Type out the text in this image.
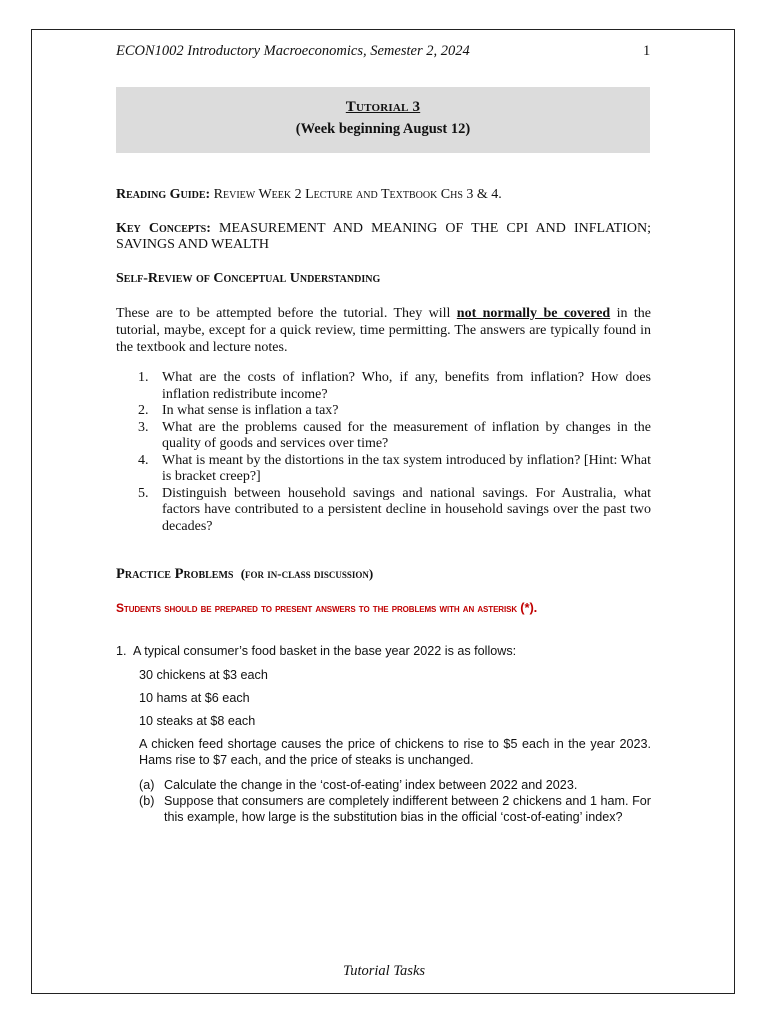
ECON1002 Introductory Macroeconomics, Semester 2, 2024	1
Tutorial 3
(Week beginning August 12)
Reading Guide: Review Week 2 Lecture and Textbook Chs 3 & 4.
Key Concepts: MEASUREMENT AND MEANING OF THE CPI AND INFLATION; SAVINGS AND WEALTH
Self-Review of Conceptual Understanding
These are to be attempted before the tutorial. They will not normally be covered in the tutorial, maybe, except for a quick review, time permitting. The answers are typically found in the textbook and lecture notes.
1. What are the costs of inflation? Who, if any, benefits from inflation? How does inflation redistribute income?
2. In what sense is inflation a tax?
3. What are the problems caused for the measurement of inflation by changes in the quality of goods and services over time?
4. What is meant by the distortions in the tax system introduced by inflation? [Hint: What is bracket creep?]
5. Distinguish between household savings and national savings. For Australia, what factors have contributed to a persistent decline in household savings over the past two decades?
Practice Problems (for in-class discussion)
Students should be prepared to present answers to the problems with an asterisk (*).
1. A typical consumer’s food basket in the base year 2022 is as follows:
30 chickens at $3 each
10 hams at $6 each
10 steaks at $8 each
A chicken feed shortage causes the price of chickens to rise to $5 each in the year 2023. Hams rise to $7 each, and the price of steaks is unchanged.
(a) Calculate the change in the ‘cost-of-eating’ index between 2022 and 2023.
(b) Suppose that consumers are completely indifferent between 2 chickens and 1 ham. For this example, how large is the substitution bias in the official ‘cost-of-eating’ index?
Tutorial Tasks
